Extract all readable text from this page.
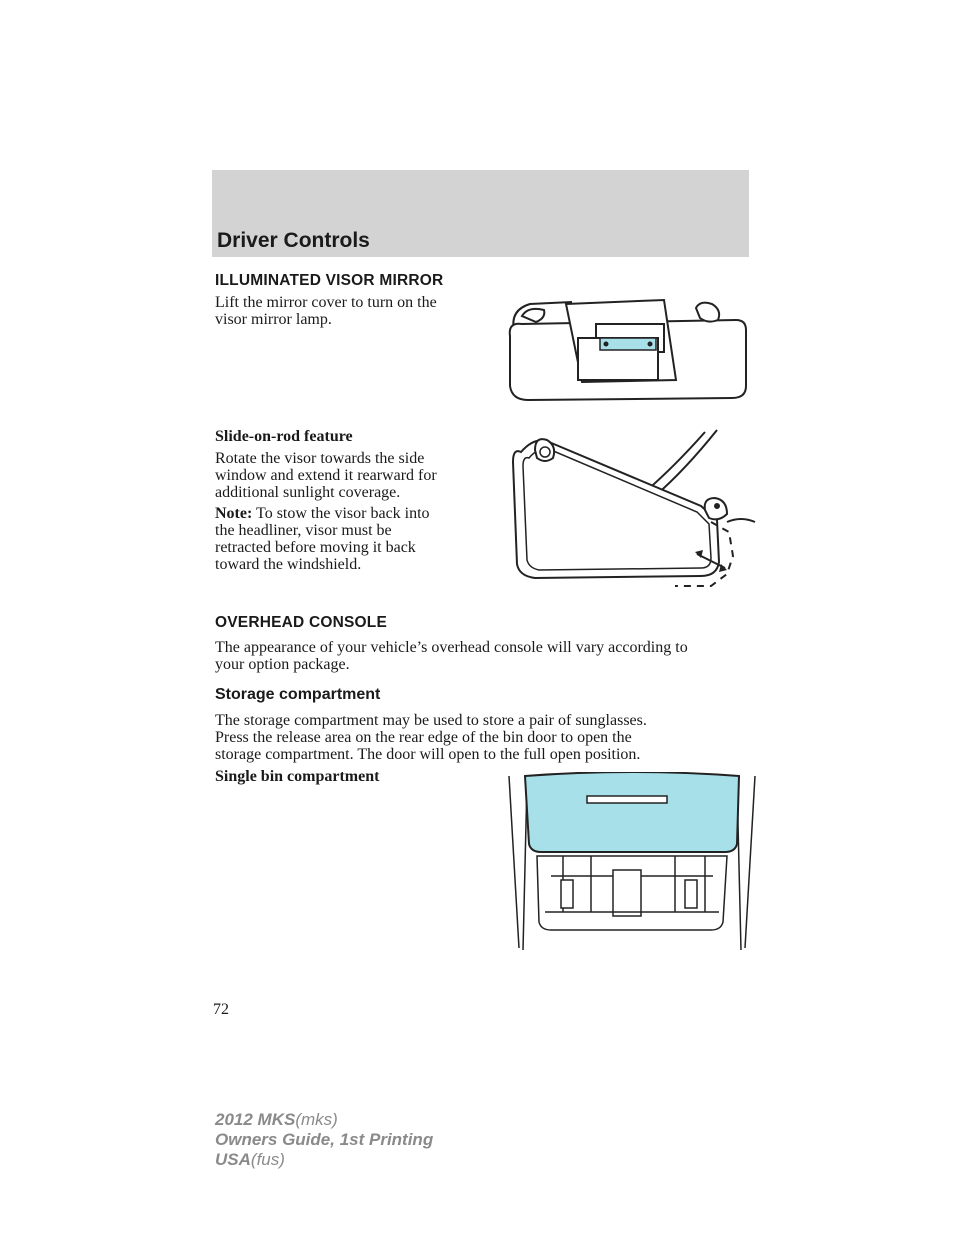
Driver Controls
ILLUMINATED VISOR MIRROR
Lift the mirror cover to turn on the
visor mirror lamp.
Slide-on-rod feature
Rotate the visor towards the side
window and extend it rearward for
additional sunlight coverage.
Note: To stow the visor back into
the headliner, visor must be
retracted before moving it back
toward the windshield.
OVERHEAD CONSOLE
The appearance of your vehicle’s overhead console will vary according to
your option package.
Storage compartment
The storage compartment may be used to store a pair of sunglasses.
Press the release area on the rear edge of the bin door to open the
storage compartment. The door will open to the full open position.
Single bin compartment
72
2012 MKS(mks)
Owners Guide, 1st Printing
USA(fus)
